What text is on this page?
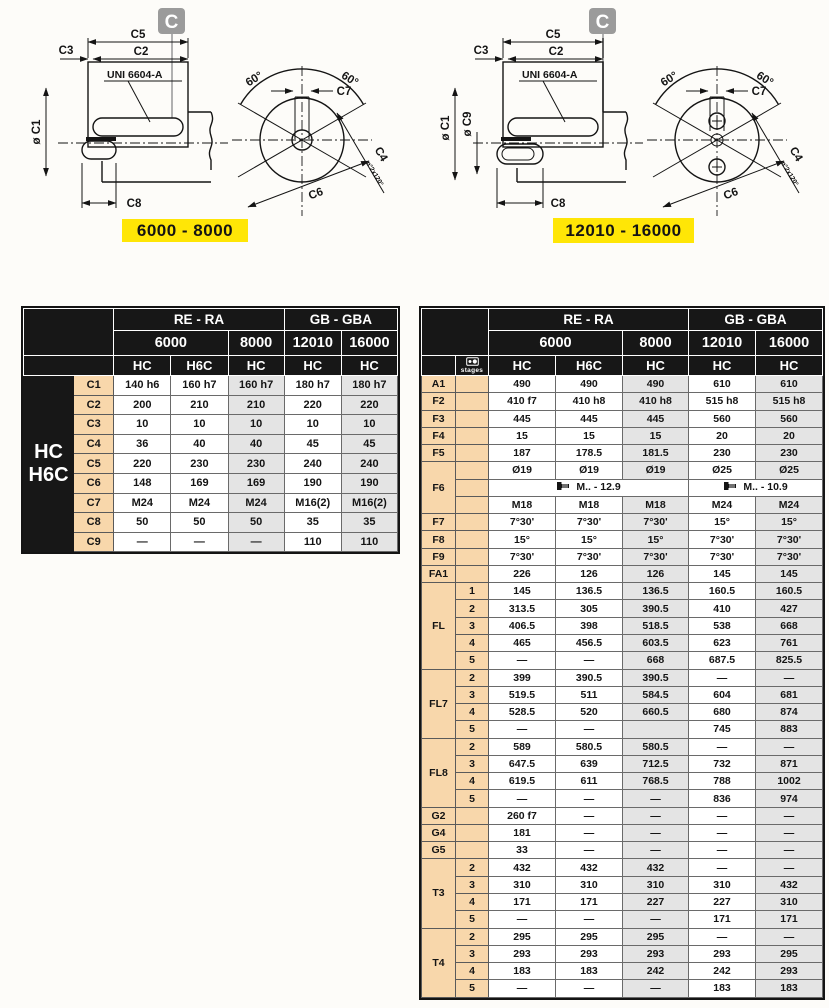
C
C5
C2
C3
UNI 6604-A
ø C1
C8
60°	60°
C7
C4
n°2x120°
C6
6000 - 8000
C
C5
C2
C3
UNI 6604-A
ø C1 ø C9
C8
60°	60°
C7
C4
n°2x120°
C6
12010 - 16000
		RE - RA			GB - GBA	
		6000		8000	12010	16000
		HC	H6C	HC	HC	HC

HC
H6C	C1	140 h6	160 h7	160 h7	180 h7	180 h7
	C2	200	210	210	220	220
	C3	10	10	10	10	10
	C4	36	40	40	45	45
	C5	220	230	230	240	240
	C6	148	169	169	190	190
	C7	M24	M24	M24	M16(2)	M16(2)
	C8	50	50	50	35	35
	C9	—	—	—	110	110
		RE - RA			GB - GBA	
		6000		8000	12010	16000

	stages	HC	H6C	HC	HC	HC
A1		490	490	490	610	610
F2		410 f7	410 h8	410 h8	515 h8	515 h8
F3		445	445	445	560	560
F4		15	15	15	20	20
F5		187	178.5	181.5	230	230
F6		Ø19	Ø19	Ø19	Ø25	Ø25
		M.. - 12.9			M.. - 10.9	
		M18	M18	M18	M24	M24
F7		7°30'	7°30'	7°30'	15°	15°
F8		15°	15°	15°	7°30'	7°30'
F9		7°30'	7°30'	7°30'	7°30'	7°30'
FA1		226	126	126	145	145
FL	1	145	136.5	136.5	160.5	160.5
	2	313.5	305	390.5	410	427
	3	406.5	398	518.5	538	668
	4	465	456.5	603.5	623	761
	5	—	—	668	687.5	825.5
FL7	2	399	390.5	390.5	—	—
	3	519.5	511	584.5	604	681
	4	528.5	520	660.5	680	874
	5	—	—		745	883
FL8	2	589	580.5	580.5	—	—
	3	647.5	639	712.5	732	871
	4	619.5	611	768.5	788	1002
	5	—	—	—	836	974
G2		260 f7	—	—	—	—
G4		181	—	—	—	—
G5		33	—	—	—	—
T3	2	432	432	432	—	—
	3	310	310	310	310	432
	4	171	171	227	227	310
	5	—	—	—	171	171
T4	2	295	295	295	—	—
	3	293	293	293	293	295
	4	183	183	242	242	293
	5	—	—	—	183	183
